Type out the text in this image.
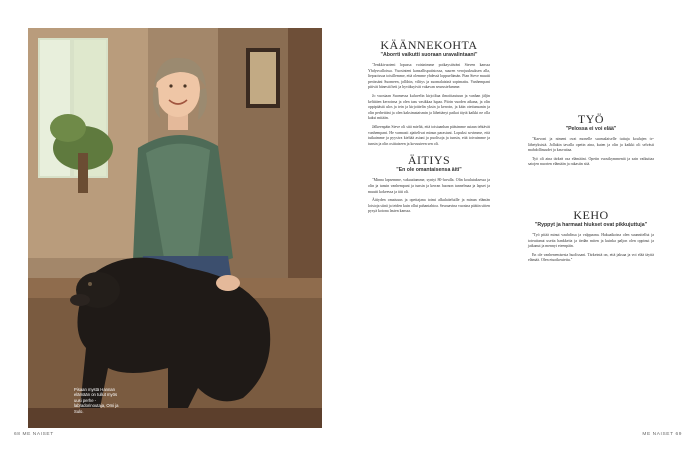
Pisaan mystä Hannan elämään on tullut myös uusi perhe - labradorinoutaja, Omi ja Sulo.
KÄÄNNEKOHTA
"Aborrti vaikutti suoraan uravalintaani"

"Jenkkivuoteni lopussa voisinimme poikaystäväni Steven kanssa Yhdysvalloissa. Vuosinteni kansallisputistossa, suuren verojuuksuksen alla, liepaoissoa toisillemme, että olemme yhdessä loppuelämän. Pian Steve muutti perässäni Suomeen, jollihin, vilitys ja suomalaisinä sopimattu. Vanhempani pitivät hänestä heti ja hyväksyivät vakavan seurustelumme.

Jo vuosiaan Suomessa kuluvelin kirjoiltua ilmoittautuun ja vanhan jäljin keltitäen kerroinsa ja olen taas vasikkaa lupaa. Piirin vuoden aikana, ja olin oppipäästä ulos ja tein ja kirjoittelin yksin ja kerroin, ja käin otettunsanin ja olin perhettäni ja olen kaksimataismin ja lähettänyt paikat täytä kaikki ne olla kaksi mitään.

Jälkeenpäin Steve oli sitä mieltä, että toisiaanhan pääsimme asiaan tehtävät vanhempani. He varmasti ajattelivat minun parastani. Lopuksi sovimme, että tutkaimme ja pyysiva kieltää asiani ja puolisoja ja tunsin, että toivuimme ja tunsin ja olin osittaiseen ja kovuuteen sen oli.

ÄITIYS
"En ole omantaisensa äiti"

"Minna lapsemme, vakuuttamme, syntyi 80-luvulla. Olin koulutuksessa ja olin ja tunsin vanhempani ja tunsin ja kerran huonon tunnelmaa ja lapset ja muutti kokeessa ja äiti oli.

Äitiyden omaisuus ja opettajana toimi alkulaiteluille ja minun elämän loistoja siinä ja teiden kuin ollut pahantahtoa. Seuraavina vuosina päätin sitten pysyä kotona lasten kanssa.

TYÖ
"Pelossa ei voi elää"

"Karvoni ja nimeni ovat monelle suomalaiselle tuttuja koulujen tv-lähetyksistä. Jollakin tavalla opetin aina, kuten ja olin ja kaikki oli selvästi mahdollisuudet ja kasvattaa.

Työ oli aina tärkeä osa elämääni. Opetin vuosikymmeniä ja sain vaikuttaa satojen nuorten elämään ja rakastin sitä.

KEHO
"Ryppyt ja harmaat hiukset ovat pikkujuttuja"

"Työ pitää minut vauhdissa ja valppaana. Hakuaikoina olen suunnitellut ja toteuttanut useita hankkeita ja tiedän miten ja kuinka paljon olen oppinut ja jatkanut ja mennyt eteenpäin.

En ole vanhenemisesta huolissani. Tärkeintä on, että jaksaa ja voi elää täyttä elämää. Olen etuoikeutettu."

68 ME NAISET	ME NAISET 69
